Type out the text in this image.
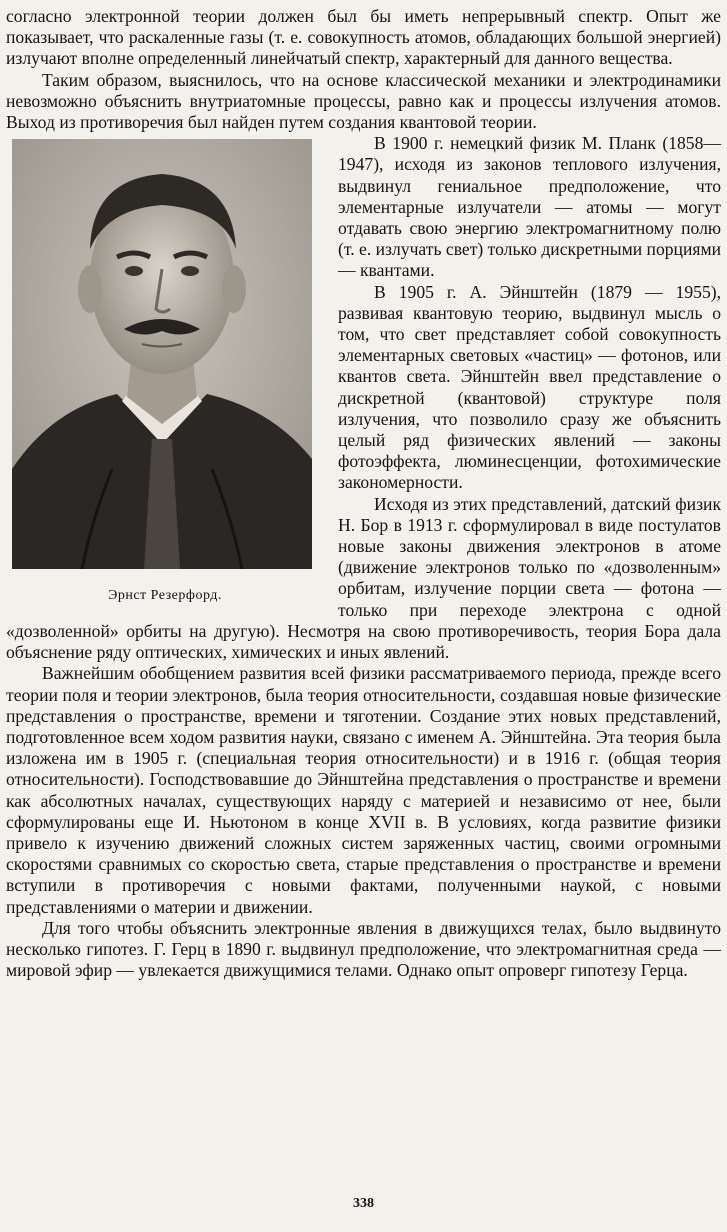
согласно электронной теории должен был бы иметь непрерывный спектр. Опыт же показывает, что раскаленные газы (т. е. совокупность атомов, обладающих большой энергией) излучают вполне определенный линейчатый спектр, характерный для данного вещества.

Таким образом, выяснилось, что на основе классической механики и электродинамики невозможно объяснить внутриатомные процессы, равно как и процессы излучения атомов. Выход из противоречия был найден путем создания квантовой теории.

Эрнст Резерфорд.

В 1900 г. немецкий физик М. Планк (1858—1947), исходя из законов теплового излучения, выдвинул гениальное предположение, что элементарные излучатели — атомы — могут отдавать свою энергию электромагнитному полю (т. е. излучать свет) только дискретными порциями — квантами.

В 1905 г. А. Эйнштейн (1879 — 1955), развивая квантовую теорию, выдвинул мысль о том, что свет представляет собой совокупность элементарных световых «частиц» — фотонов, или квантов света. Эйнштейн ввел представление о дискретной (квантовой) структуре поля излучения, что позволило сразу же объяснить целый ряд физических явлений — законы фотоэффекта, люминесценции, фотохимические закономерности.

Исходя из этих представлений, датский физик Н. Бор в 1913 г. сформулировал в виде постулатов новые законы движения электронов в атоме (движение электронов только по «дозволенным» орбитам, излучение порции света — фотона — только при переходе электрона с одной «дозволенной» орбиты на другую). Несмотря на свою противоречивость, теория Бора дала объяснение ряду оптических, химических и иных явлений.

Важнейшим обобщением развития всей физики рассматриваемого периода, прежде всего теории поля и теории электронов, была теория относительности, создавшая новые физические представления о пространстве, времени и тяготении. Создание этих новых представлений, подготовленное всем ходом развития науки, связано с именем А. Эйнштейна. Эта теория была изложена им в 1905 г. (специальная теория относительности) и в 1916 г. (общая теория относительности). Господствовавшие до Эйнштейна представления о пространстве и времени как абсолютных началах, существующих наряду с материей и независимо от нее, были сформулированы еще И. Ньютоном в конце XVII в. В условиях, когда развитие физики привело к изучению движений сложных систем заряженных частиц, своими огромными скоростями сравнимых со скоростью света, старые представления о пространстве и времени вступили в противоречия с новыми фактами, полученными наукой, с новыми представлениями о материи и движении.

Для того чтобы объяснить электронные явления в движущихся телах, было выдвинуто несколько гипотез. Г. Герц в 1890 г. выдвинул предположение, что электромагнитная среда — мировой эфир — увлекается движущимися телами. Однако опыт опроверг гипотезу Герца.

338
